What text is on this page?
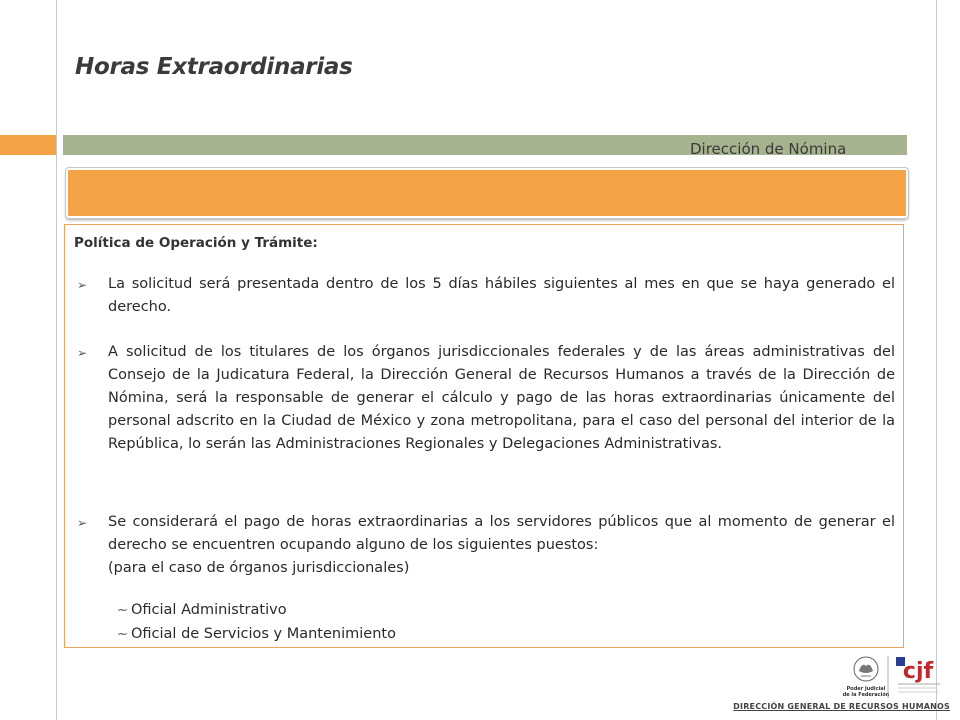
Horas Extraordinarias
Dirección de Nómina
Política de Operación y Trámite:
➢ La solicitud será presentada dentro de los 5 días hábiles siguientes al mes en que se haya generado el derecho.
➢ A solicitud de los titulares de los órganos jurisdiccionales federales y de las áreas administrativas del Consejo de la Judicatura Federal, la Dirección General de Recursos Humanos a través de la Dirección de Nómina, será la responsable de generar el cálculo y pago de las horas extraordinarias únicamente del personal adscrito en la Ciudad de México y zona metropolitana, para el caso del personal del interior de la República, lo serán las Administraciones Regionales y Delegaciones Administrativas.
➢ Se considerará el pago de horas extraordinarias a los servidores públicos que al momento de generar el derecho se encuentren ocupando alguno de los siguientes puestos:
(para el caso de órganos jurisdiccionales)
~ Oficial Administrativo
~ Oficial de Servicios y Mantenimiento
Poder Judicial
de la Federación
cjf
DIRECCIÓN GENERAL DE RECURSOS HUMANOS
